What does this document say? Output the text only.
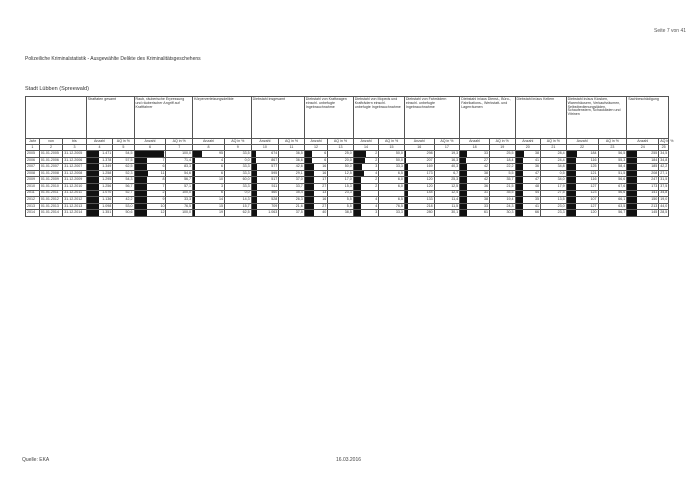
Seite 7 von 41
Polizeiliche Kriminalstatistik - Ausgewählte Delikte des Kriminalitätsgeschehens
Stadt Lübben (Spreewald)
			Straftaten gesamt		Raub, räuberische Erpressung und räuberischer Angriff auf Kraftfahrer		Körperverletzungsdelikte		Diebstahl insgesamt		Diebstahl von Kraftwagen einschl. unbefugte Ingebrauchnahme		Diebstahl von Mopeds und Krafträdern einschl. unbefugte Ingebrauchnahme		Diebstahl von Fahrrädern einschl. unbefugte Ingebrauchnahme		Diebstahl in/aus Dienst-, Büro-, Fabrikations-, Werkstatt- und Lagerräumen		Diebstahl in/aus Kellern		Diebstahl in/aus Kiosken, Warenhäusern, Verkaufsräumen, Selbstbedienungsläden, Schaufenstern, Schaukästen und Vitrinen		Sachbeschädigung	
Jahr	von	bis	Anzahl	AQ in %	Anzahl	AQ in %	Anzahl	AQ in %	Anzahl	AQ in %	Anzahl	AQ in %	Anzahl	AQ in %	Anzahl	AQ in %	Anzahl	AQ in %	Anzahl	AQ in %	Anzahl	AQ in %	Anzahl	AQ in %
1	2	3	4	5	6	7	8	9	10	11	12	13	14	15	16	17	18	19	20	21	22	23	24	25
2005	01.01.2005	31.12.2005	1.471	54,5	2	100,0	95	33,5	674	36,5	6	25,0	2	50,0	298	19,3	33	25,5	38	28,4	184	56,5	255	34,5
2006	01.01.2006	31.12.2006	1.378	57,5	7	71,4	4	0,0	867	36,6	6	20,0	2	50,0	207	16,3	27	18,4	41	24,4	116	55,3	184	34,8
2007	01.01.2007	31.12.2007	1.349	62,5	6	83,3	6	33,3	577	42,6	16	50,0	3	33,3	169	40,3	42	22,2	36	34,8	125	58,4	185	42,2
2008	01.01.2008	31.12.2008	1.258	52,3	11	54,6	6	33,3	595	29,1	16	12,5	4	6,5	173	6,7	38	5,5	47	0,5	121	51,5	208	27,1
2009	01.01.2009	31.12.2009	1.295	54,3	8	56,7	10	60,0	517	37,0	17	17,0	2	6,0	120	25,3	42	35,7	47	34,0	116	56,6	247	31,5
2010	01.01.2010	31.12.2010	1.256	56,7	7	57,1	3	33,3	511	33,7	27	15,3	2	6,0	120	12,5	36	21,5	48	17,9	127	67,6	173	37,5
2011	01.01.2011	31.12.2011	1.070	52,7	2	100,0	6	0,0	460	35,4	13	23,3			144	12,4	31	35,5	44	27,5	123	56,6	141	34,8
2012	01.01.2012	31.12.2012	1.136	42,2	9	33,3	14	14,3	528	26,3	16	5,5	4	6,5	133	11,4	38	19,4	35	13,5	107	66,1	150	19,0
2013	01.01.2013	31.12.2013	1.098	53,0	10	76,5	15	15,7	709	21,6	27	5,5	4	76,5	218	11,5	33	24,3	41	23,0	127	63,5	213	44,0
2014	01.01.2014	31.12.2014	1.351	50,6	12	100,0	19	62,5	1.063	37,5	40	38,5	3	33,3	280	30,1	61	30,3	66	23,3	120	56,7	145	28,5
Quelle: EKA	16.03.2016
